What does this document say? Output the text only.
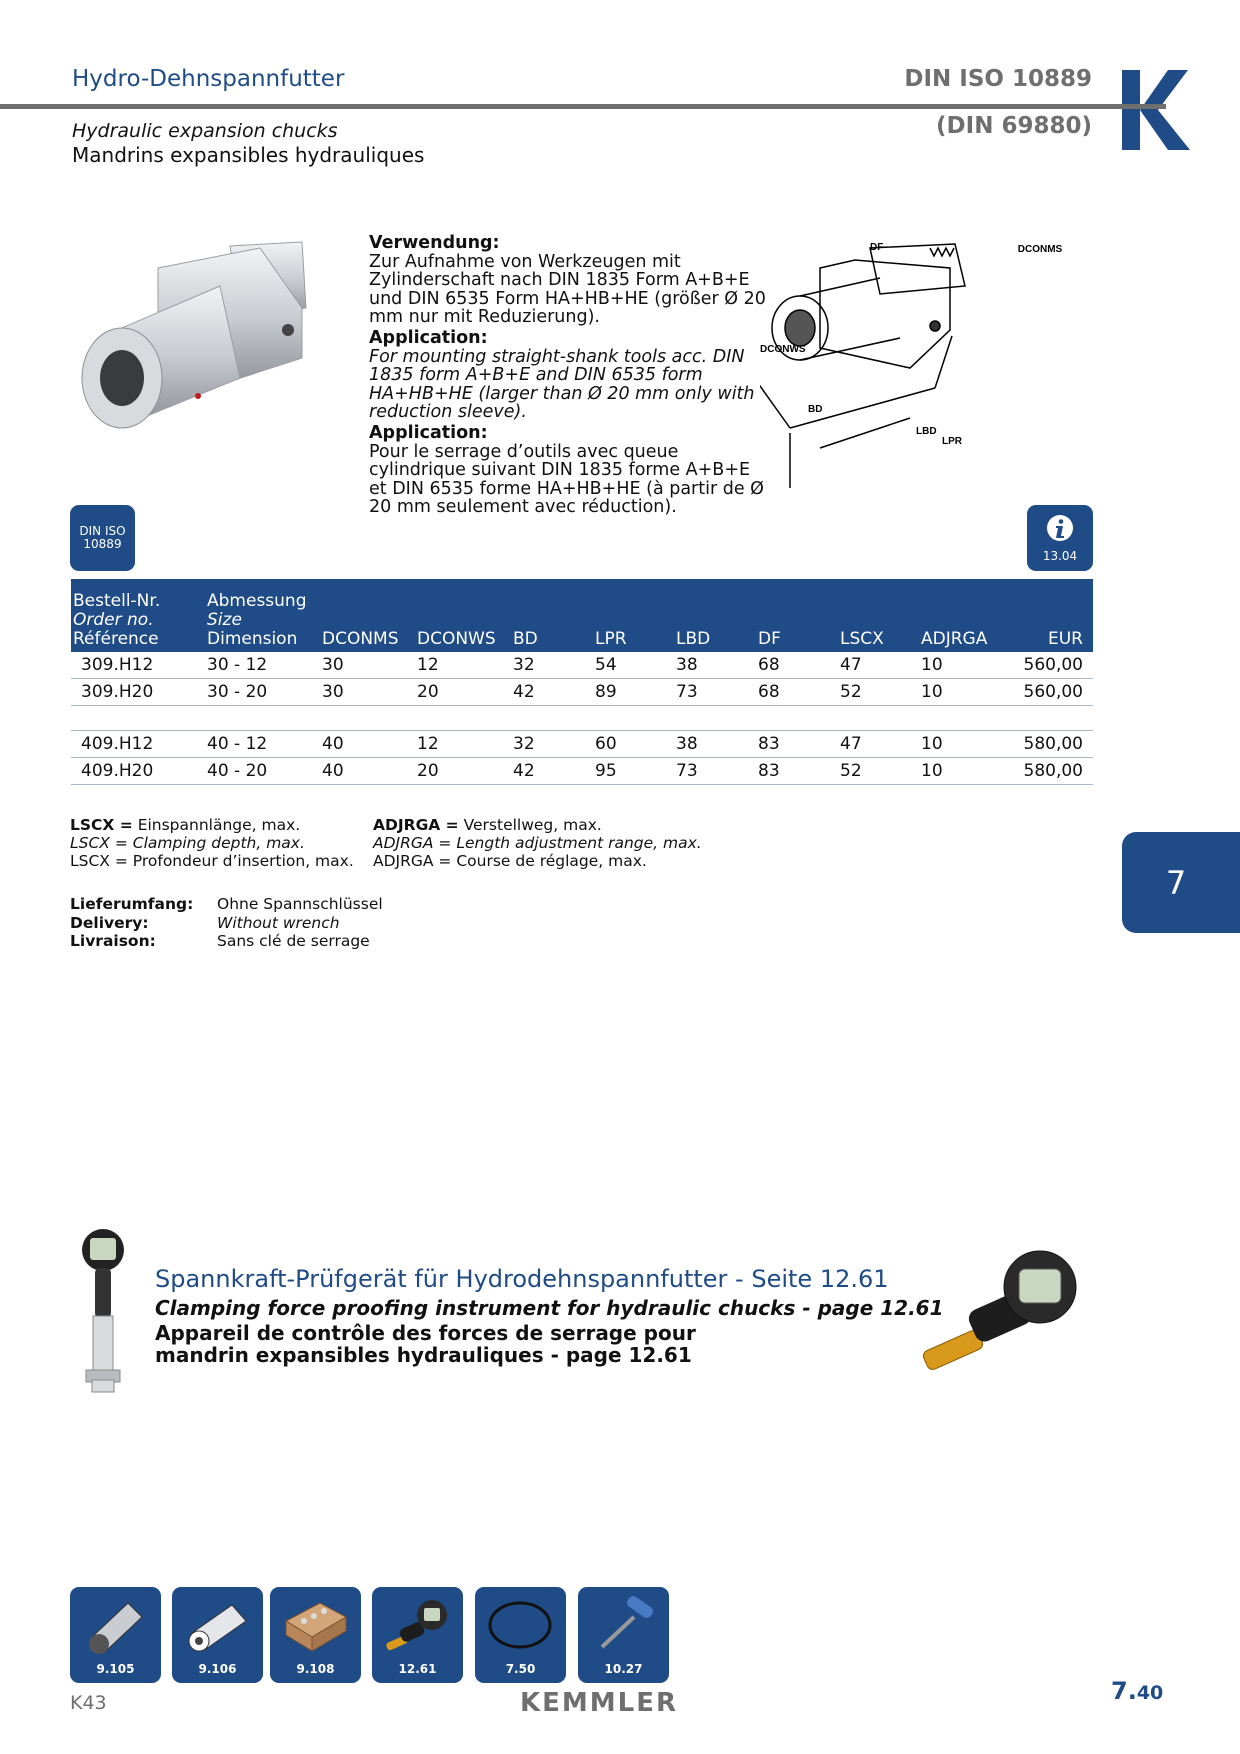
Hydro-Dehnspannfutter
Hydraulic expansion chucks
Mandrins expansibles hydrauliques
DIN ISO 10889
(DIN 69880)

Verwendung:
Zur Aufnahme von Werkzeugen mit Zylinderschaft nach DIN 1835 Form A+B+E und DIN 6535 Form HA+HB+HE (größer Ø 20 mm nur mit Reduzierung).

Application:
For mounting straight-shank tools acc. DIN 1835 form A+B+E and DIN 6535 form HA+HB+HE (larger than Ø 20 mm only with reduction sleeve).

Application:
Pour le serrage d’outils avec queue cylindrique suivant DIN 1835 forme A+B+E et DIN 6535 forme HA+HB+HE (à partir de Ø 20 mm seulement avec réduction).

DF	DCONMS
DCONWS
BD
LBD
LPR
DIN ISO
10889
13.04
Bestell-Nr.
Order no.
Référence	Abmessung
Size
Dimension	DCONMS	DCONWS	BD	LPR	LBD	DF	LSCX	ADJRGA	EUR
309.H12	30 - 12	30	12	32	54	38	68	47	10	560,00
309.H20	30 - 20	30	20	42	89	73	68	52	10	560,00

409.H12	40 - 12	40	12	32	60	38	83	47	10	580,00
409.H20	40 - 20	40	20	42	95	73	83	52	10	580,00
LSCX = Einspannlänge, max.
LSCX = Clamping depth, max.
LSCX = Profondeur d’insertion, max.
ADJRGA = Verstellweg, max.
ADJRGA = Length adjustment range, max.
ADJRGA = Course de réglage, max.
Lieferumfang: Ohne Spannschlüssel
Delivery:	Without wrench
Livraison:	Sans clé de serrage
7
Spannkraft-Prüfgerät für Hydrodehnspannfutter - Seite 12.61
Clamping force proofing instrument for hydraulic chucks - page 12.61
Appareil de contrôle des forces de serrage pour mandrin expansibles hydrauliques - page 12.61
9.105	9.106	9.108	12.61	7.50	10.27
K43	KEMMLER	7.40
